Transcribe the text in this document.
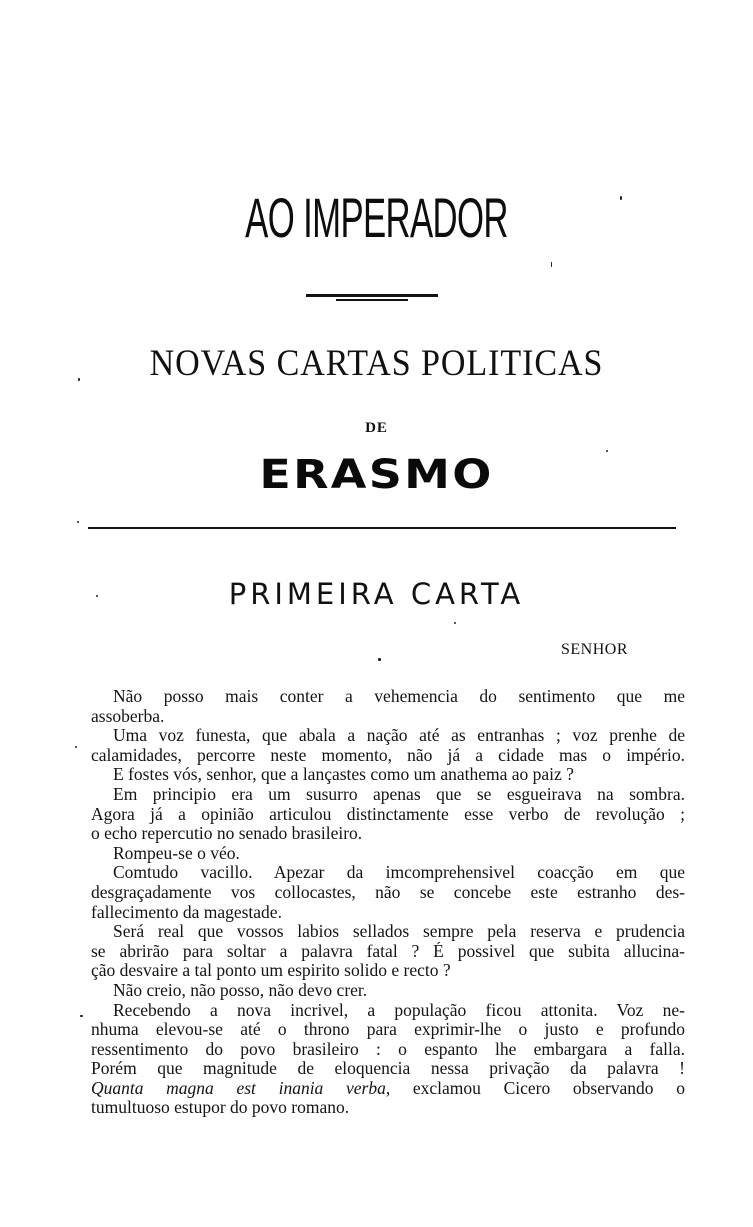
AO IMPERADOR
NOVAS CARTAS POLITICAS
DE
ERASMO
PRIMEIRA CARTA
SENHOR
Não posso mais conter a vehemencia do sentimento que me
assoberba.
Uma voz funesta, que abala a nação até as entranhas ; voz prenhe de
calamidades, percorre neste momento, não já a cidade mas o império.
E fostes vós, senhor, que a lançastes como um anathema ao paiz ?
Em principio era um susurro apenas que se esgueirava na sombra.
Agora já a opinião articulou distinctamente esse verbo de revolução ;
o echo repercutio no senado brasileiro.
Rompeu-se o véo.
Comtudo vacillo. Apezar da imcomprehensivel coacção em que
desgraçadamente vos collocastes, não se concebe este estranho des-
fallecimento da magestade.
Será real que vossos labios sellados sempre pela reserva e prudencia
se abrirão para soltar a palavra fatal ? É possivel que subita allucina-
ção desvaire a tal ponto um espirito solido e recto ?
Não creio, não posso, não devo crer.
Recebendo a nova incrivel, a população ficou attonita. Voz ne-
nhuma elevou-se até o throno para exprimir-lhe o justo e profundo
ressentimento do povo brasileiro : o espanto lhe embargara a falla.
Porém que magnitude de eloquencia nessa privação da palavra !
Quanta magna est inania verba, exclamou Cicero observando o
tumultuoso estupor do povo romano.
